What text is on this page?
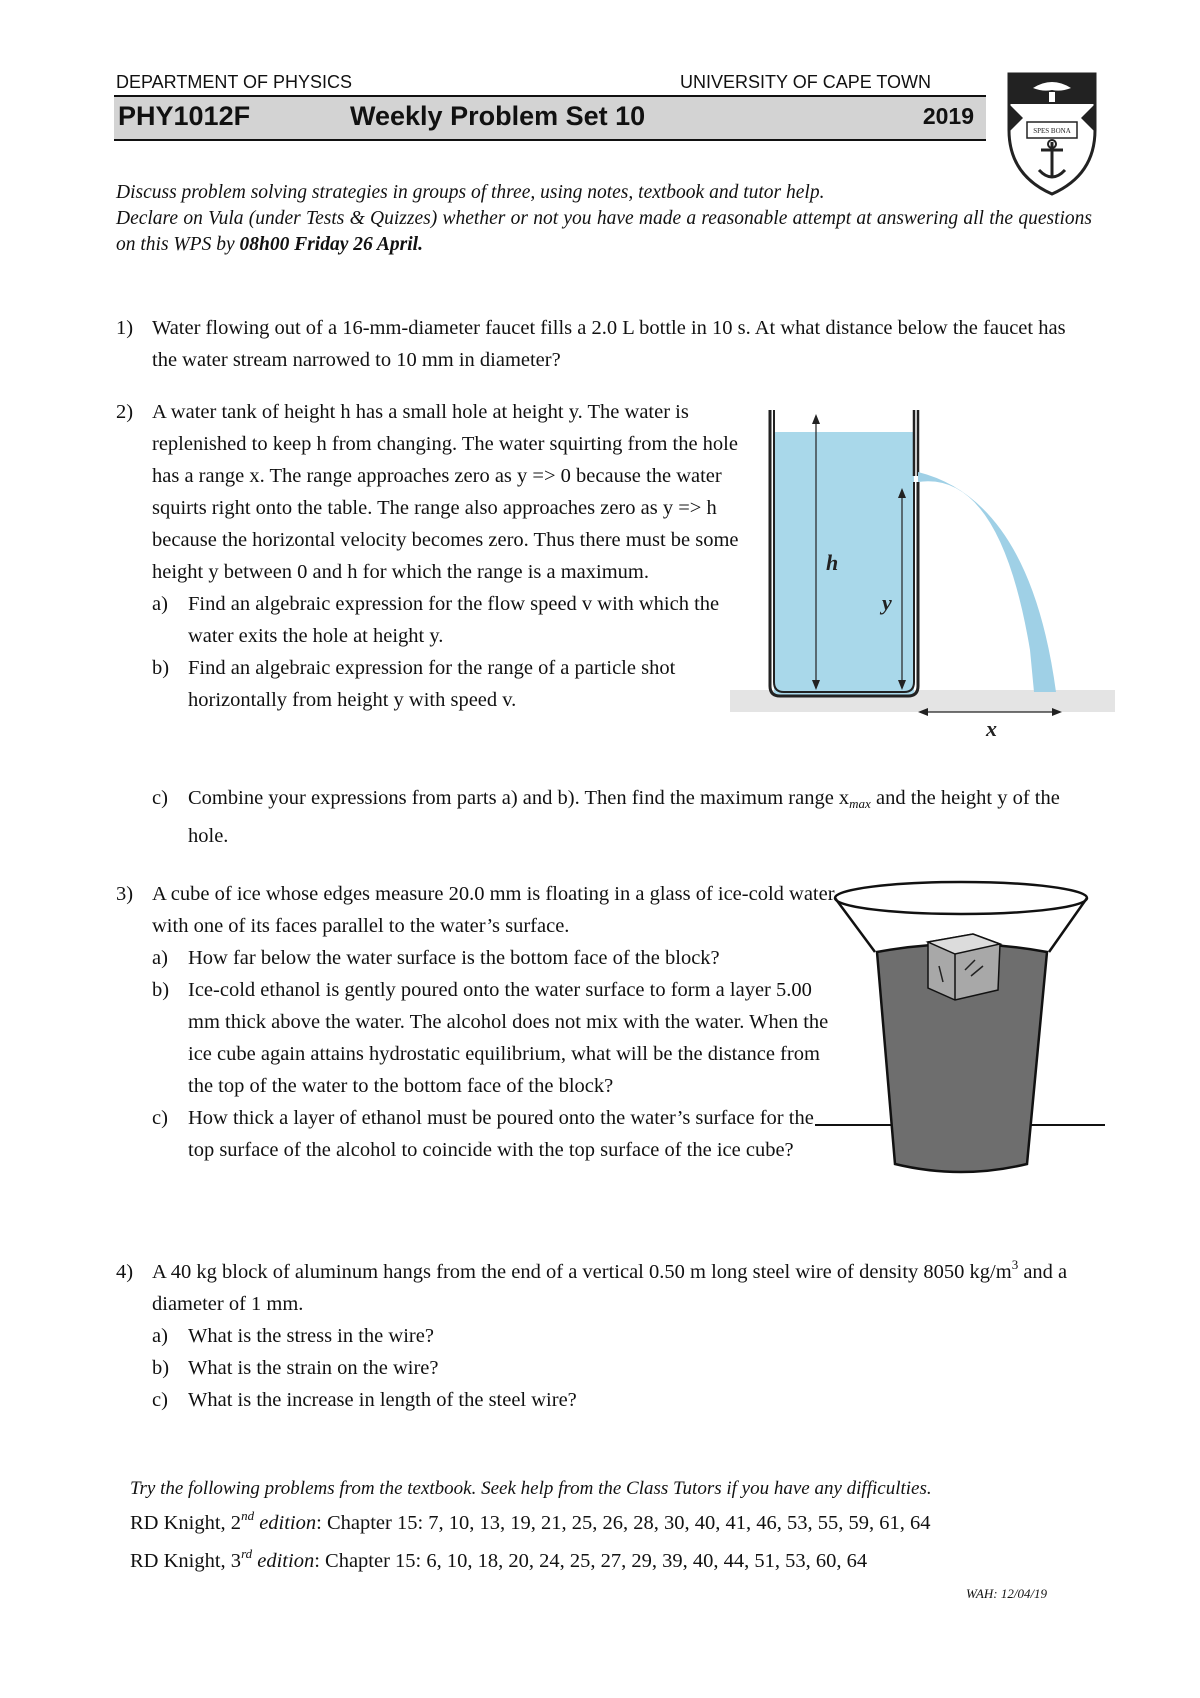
DEPARTMENT OF PHYSICS	UNIVERSITY OF CAPE TOWN
PHY1012F	Weekly Problem Set 10	2019
SPES BONA
Discuss problem solving strategies in groups of three, using notes, textbook and tutor help.
Declare on Vula (under Tests & Quizzes) whether or not you have made a reasonable attempt at answering all the questions on this WPS by 08h00 Friday 26 April.
1) Water flowing out of a 16-mm-diameter faucet fills a 2.0 L bottle in 10 s. At what distance below the faucet has the water stream narrowed to 10 mm in diameter?
2) A water tank of height h has a small hole at height y. The water is replenished to keep h from changing. The water squirting from the hole has a range x. The range approaches zero as y => 0 because the water squirts right onto the table. The range also approaches zero as y => h because the horizontal velocity becomes zero. Thus there must be some height y between 0 and h for which the range is a maximum.
a) Find an algebraic expression for the flow speed v with which the water exits the hole at height y.
b) Find an algebraic expression for the range of a particle shot horizontally from height y with speed v.
c) Combine your expressions from parts a) and b). Then find the maximum range xmax and the height y of the hole.
h
y
x
3) A cube of ice whose edges measure 20.0 mm is floating in a glass of ice-cold water with one of its faces parallel to the water’s surface.
a) How far below the water surface is the bottom face of the block?
b) Ice-cold ethanol is gently poured onto the water surface to form a layer 5.00 mm thick above the water. The alcohol does not mix with the water. When the ice cube again attains hydrostatic equilibrium, what will be the distance from the top of the water to the bottom face of the block?
c) How thick a layer of ethanol must be poured onto the water’s surface for the top surface of the alcohol to coincide with the top surface of the ice cube?
4) A 40 kg block of aluminum hangs from the end of a vertical 0.50 m long steel wire of density 8050 $kg/m^3$ and a diameter of 1 mm.
a) What is the stress in the wire?
b) What is the strain on the wire?
c) What is the increase in length of the steel wire?
Try the following problems from the textbook. Seek help from the Class Tutors if you have any difficulties.
RD Knight, 2nd edition: Chapter 15: 7, 10, 13, 19, 21, 25, 26, 28, 30, 40, 41, 46, 53, 55, 59, 61, 64
RD Knight, 3rd edition: Chapter 15: 6, 10, 18, 20, 24, 25, 27, 29, 39, 40, 44, 51, 53, 60, 64
WAH: 12/04/19
